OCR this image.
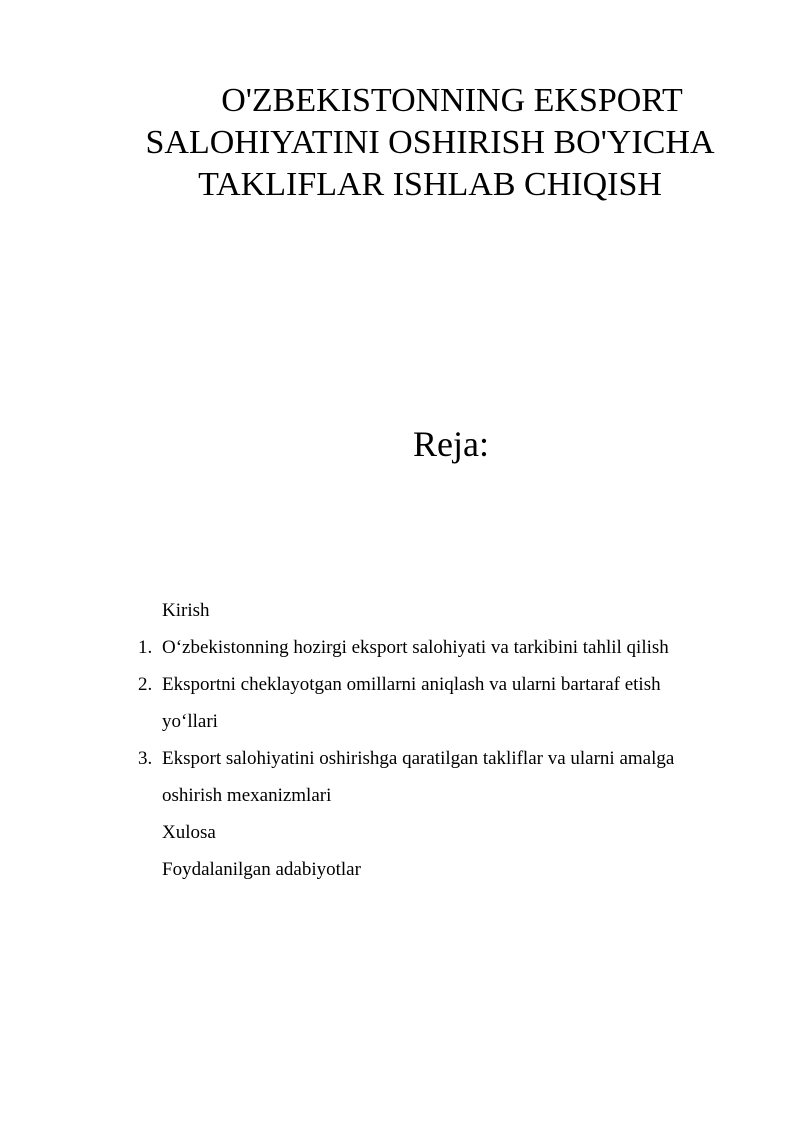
O'ZBEKISTONNING EKSPORT
SALOHIYATINI OSHIRISH BO'YICHA
TAKLIFLAR ISHLAB CHIQISH
Reja:
Kirish
1. O‘zbekistonning hozirgi eksport salohiyati va tarkibini tahlil qilish
2. Eksportni cheklayotgan omillarni aniqlash va ularni bartaraf etish
yo‘llari
3. Eksport salohiyatini oshirishga qaratilgan takliflar va ularni amalga
oshirish mexanizmlari
Xulosa
Foydalanilgan adabiyotlar
